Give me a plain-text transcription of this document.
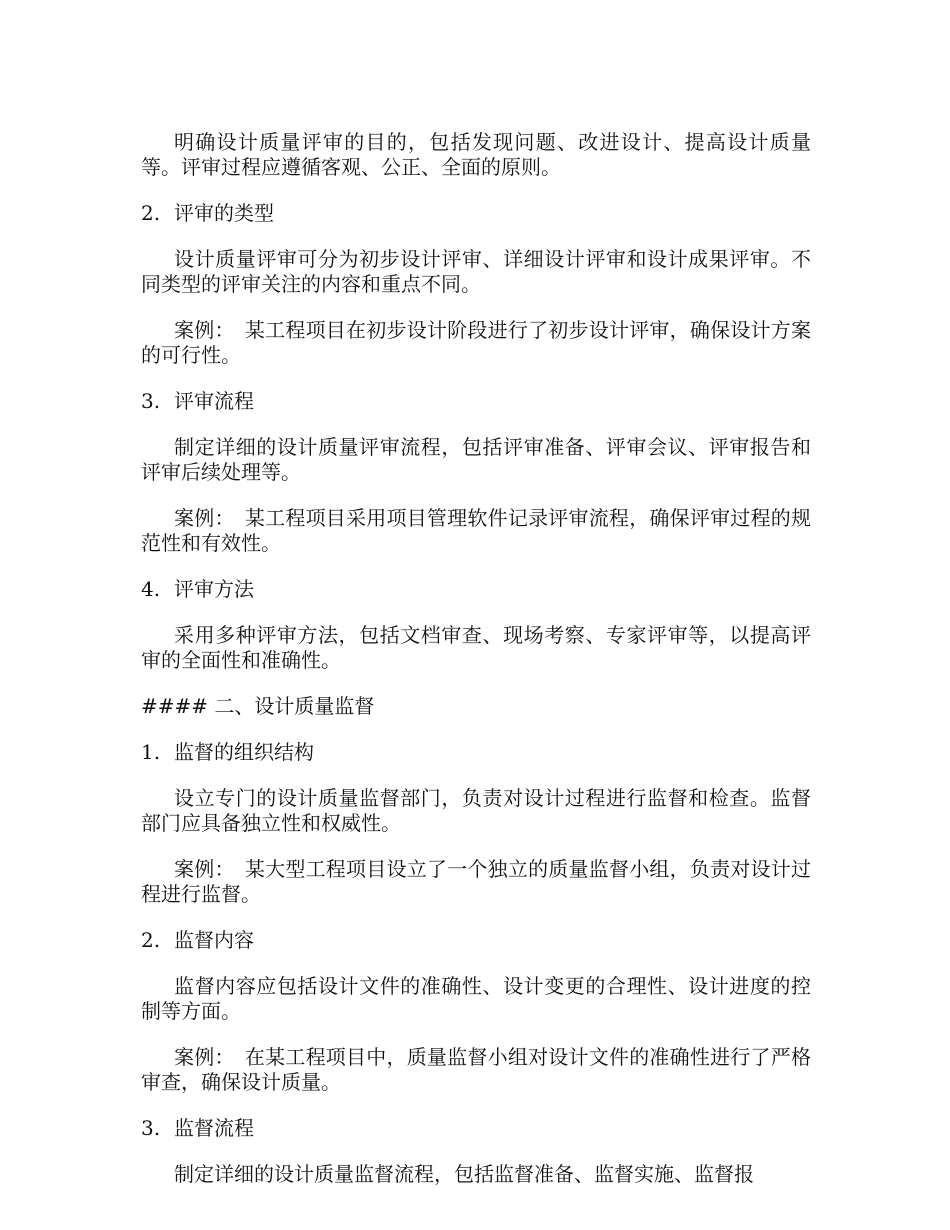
明确设计质量评审的目的，包括发现问题、改进设计、提高设计质量等。评审过程应遵循客观、公正、全面的原则。

2. 评审的类型

设计质量评审可分为初步设计评审、详细设计评审和设计成果评审。不同类型的评审关注的内容和重点不同。

案例：　某工程项目在初步设计阶段进行了初步设计评审，确保设计方案的可行性。

3. 评审流程

制定详细的设计质量评审流程，包括评审准备、评审会议、评审报告和评审后续处理等。

案例：　某工程项目采用项目管理软件记录评审流程，确保评审过程的规范性和有效性。

4. 评审方法

采用多种评审方法，包括文档审查、现场考察、专家评审等，以提高评审的全面性和准确性。

#### 二、设计质量监督
1. 监督的组织结构

设立专门的设计质量监督部门，负责对设计过程进行监督和检查。监督部门应具备独立性和权威性。

案例：　某大型工程项目设立了一个独立的质量监督小组，负责对设计过程进行监督。

2. 监督内容

监督内容应包括设计文件的准确性、设计变更的合理性、设计进度的控制等方面。

案例：　在某工程项目中，质量监督小组对设计文件的准确性进行了严格审查，确保设计质量。

3. 监督流程

制定详细的设计质量监督流程，包括监督准备、监督实施、监督报
